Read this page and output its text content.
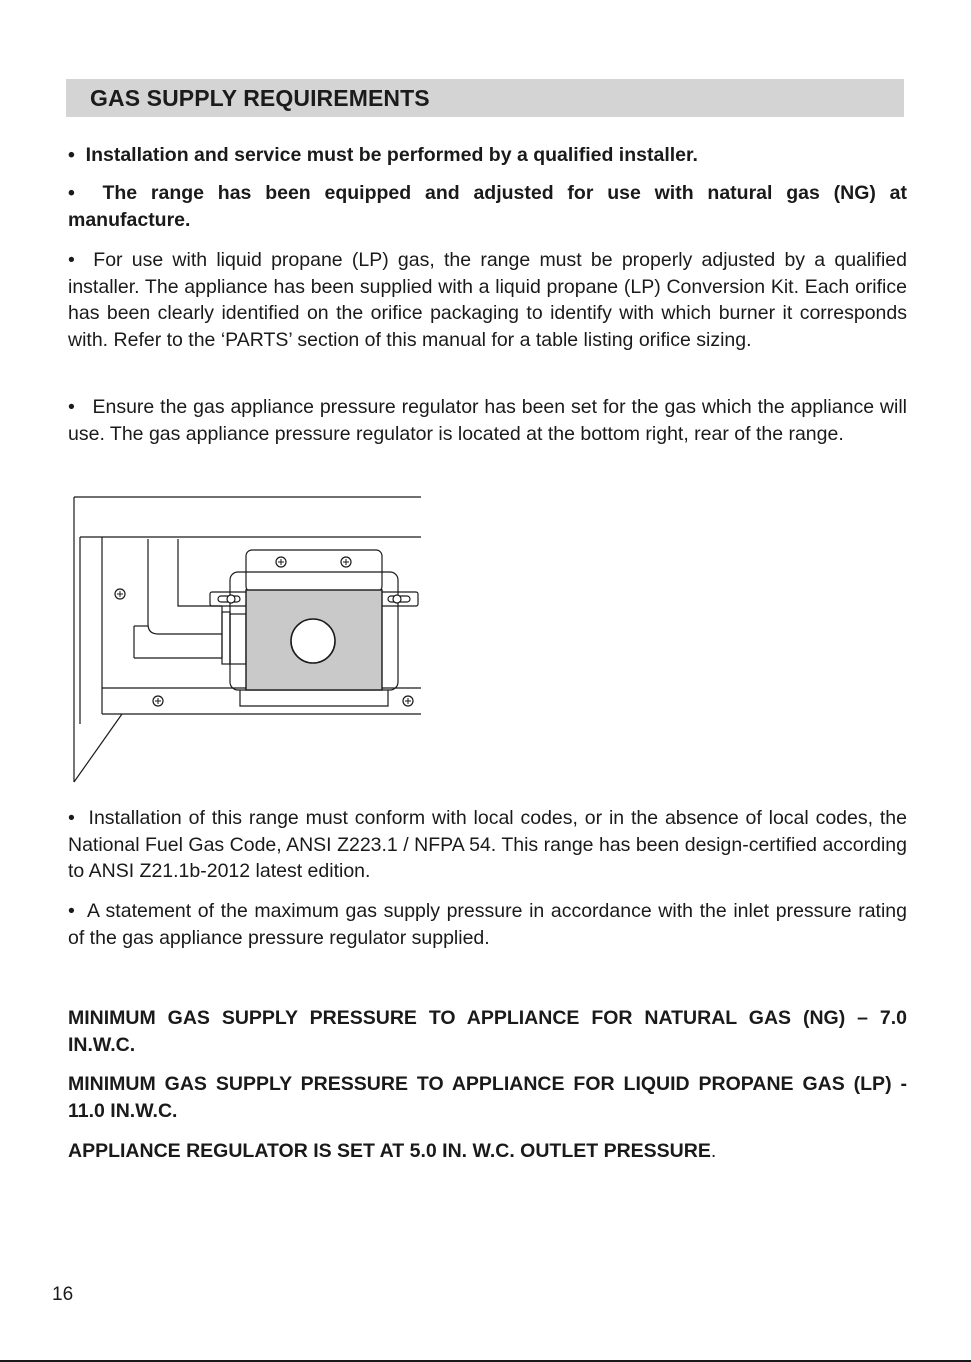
GAS SUPPLY REQUIREMENTS

• Installation and service must be performed by a qualified installer.

• The range has been equipped and adjusted for use with natural gas (NG) at manufacture.

• For use with liquid propane (LP) gas, the range must be properly adjusted by a qualified installer. The appliance has been supplied with a liquid propane (LP) Conversion Kit. Each orifice has been clearly identified on the orifice packaging to identify with which burner it corresponds with. Refer to the ‘PARTS’ section of this manual for a table listing orifice sizing.

• Ensure the gas appliance pressure regulator has been set for the gas which the appliance will use. The gas appliance pressure regulator is located at the bottom right, rear of the range.

• Installation of this range must conform with local codes, or in the absence of local codes, the National Fuel Gas Code, ANSI Z223.1 / NFPA 54. This range has been design-certified according to ANSI Z21.1b-2012 latest edition.

• A statement of the maximum gas supply pressure in accordance with the inlet pressure rating of the gas appliance pressure regulator supplied.

MINIMUM GAS SUPPLY PRESSURE TO APPLIANCE FOR NATURAL GAS (NG) – 7.0 IN.W.C.

MINIMUM GAS SUPPLY PRESSURE TO APPLIANCE FOR LIQUID PROPANE GAS (LP) - 11.0 IN.W.C.

APPLIANCE REGULATOR IS SET AT 5.0 IN. W.C. OUTLET PRESSURE.

16
